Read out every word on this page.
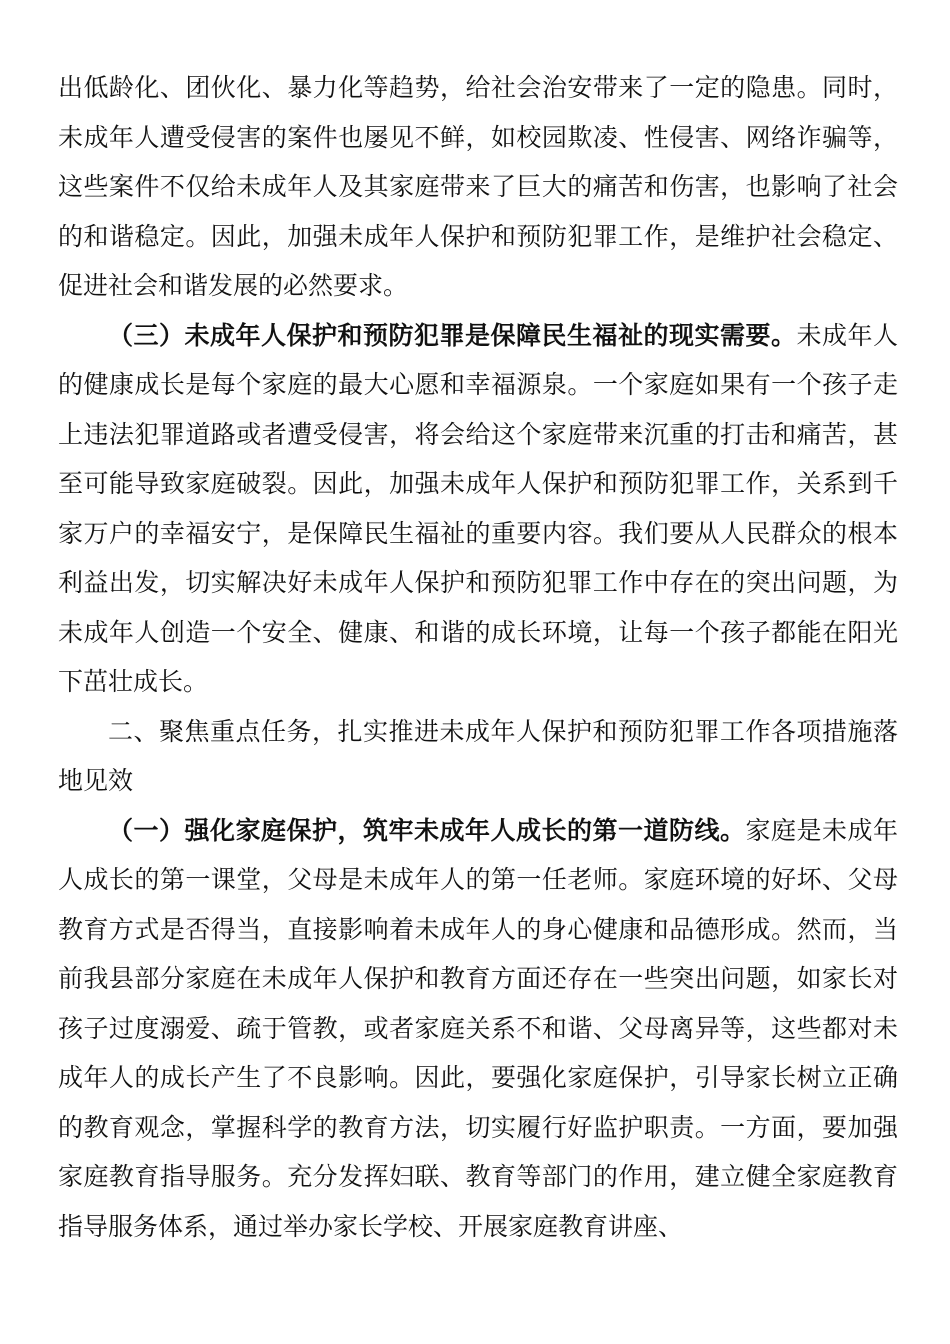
出低龄化、团伙化、暴力化等趋势，给社会治安带来了一定的隐患。同时，未成年人遭受侵害的案件也屡见不鲜，如校园欺凌、性侵害、网络诈骗等，这些案件不仅给未成年人及其家庭带来了巨大的痛苦和伤害，也影响了社会的和谐稳定。因此，加强未成年人保护和预防犯罪工作，是维护社会稳定、促进社会和谐发展的必然要求。

（三）未成年人保护和预防犯罪是保障民生福祉的现实需要。未成年人的健康成长是每个家庭的最大心愿和幸福源泉。一个家庭如果有一个孩子走上违法犯罪道路或者遭受侵害，将会给这个家庭带来沉重的打击和痛苦，甚至可能导致家庭破裂。因此，加强未成年人保护和预防犯罪工作，关系到千家万户的幸福安宁，是保障民生福祉的重要内容。我们要从人民群众的根本利益出发，切实解决好未成年人保护和预防犯罪工作中存在的突出问题，为未成年人创造一个安全、健康、和谐的成长环境，让每一个孩子都能在阳光下茁壮成长。

二、聚焦重点任务，扎实推进未成年人保护和预防犯罪工作各项措施落地见效

（一）强化家庭保护，筑牢未成年人成长的第一道防线。家庭是未成年人成长的第一课堂，父母是未成年人的第一任老师。家庭环境的好坏、父母教育方式是否得当，直接影响着未成年人的身心健康和品德形成。然而，当前我县部分家庭在未成年人保护和教育方面还存在一些突出问题，如家长对孩子过度溺爱、疏于管教，或者家庭关系不和谐、父母离异等，这些都对未成年人的成长产生了不良影响。因此，要强化家庭保护，引导家长树立正确的教育观念，掌握科学的教育方法，切实履行好监护职责。一方面，要加强家庭教育指导服务。充分发挥妇联、教育等部门的作用，建立健全家庭教育指导服务体系，通过举办家长学校、开展家庭教育讲座、
